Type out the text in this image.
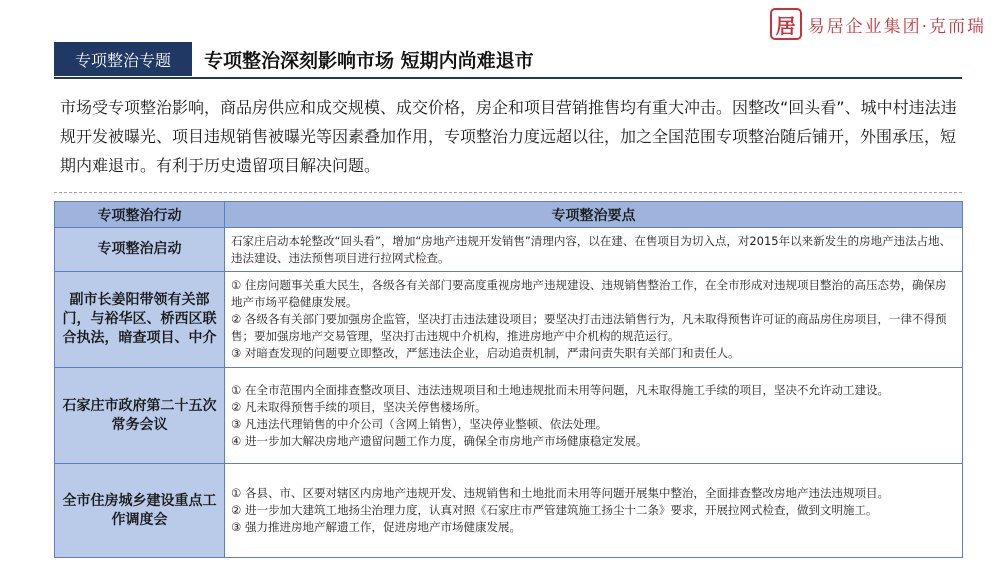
居 易居企业集团·克而瑞
专项整治专题	专项整治深刻影响市场 短期内尚难退市
市场受专项整治影响，商品房供应和成交规模、成交价格，房企和项目营销推售均有重大冲击。因整改“回头看”、城中村违法违规开发被曝光、项目违规销售被曝光等因素叠加作用，专项整治力度远超以往，加之全国范围专项整治随后铺开，外围承压，短期内难退市。有利于历史遗留项目解决问题。
专项整治行动	专项整治要点
专项整治启动	石家庄启动本轮整改“回头看”，增加“房地产违规开发销售”清理内容，以在建、在售项目为切入点，对2015年以来新发生的房地产违法占地、违法建设、违法预售项目进行拉网式检查。

副市长姜阳带领有关部门，与裕华区、桥西区联合执法，暗查项目、中介	① 住房问题事关重大民生，各级各有关部门要高度重视房地产违规建设、违规销售整治工作，在全市形成对违规项目整治的高压态势，确保房地产市场平稳健康发展。

② 各级各有关部门要加强房企监管，坚决打击违法建设项目；要坚决打击违法销售行为，凡未取得预售许可证的商品房住房项目，一律不得预售；要加强房地产交易管理，坚决打击违规中介机构，推进房地产中介机构的规范运行。

③ 对暗查发现的问题要立即整改，严惩违法企业，启动追责机制，严肃问责失职有关部门和责任人。

石家庄市政府第二十五次常务会议	① 在全市范围内全面排查整改项目、违法违规项目和土地违规批而未用等问题，凡未取得施工手续的项目，坚决不允许动工建设。

② 凡未取得预售手续的项目，坚决关停售楼场所。

③ 凡违法代理销售的中介公司（含网上销售），坚决停业整顿、依法处理。

④ 进一步加大解决房地产遗留问题工作力度，确保全市房地产市场健康稳定发展。

全市住房城乡建设重点工作调度会	① 各县、市、区要对辖区内房地产违规开发、违规销售和土地批而未用等问题开展集中整治，全面排查整改房地产违法违规项目。

② 进一步加大建筑工地扬尘治理力度，认真对照《石家庄市严管建筑施工扬尘十二条》要求，开展拉网式检查，做到文明施工。

③ 强力推进房地产解遗工作，促进房地产市场健康发展。
